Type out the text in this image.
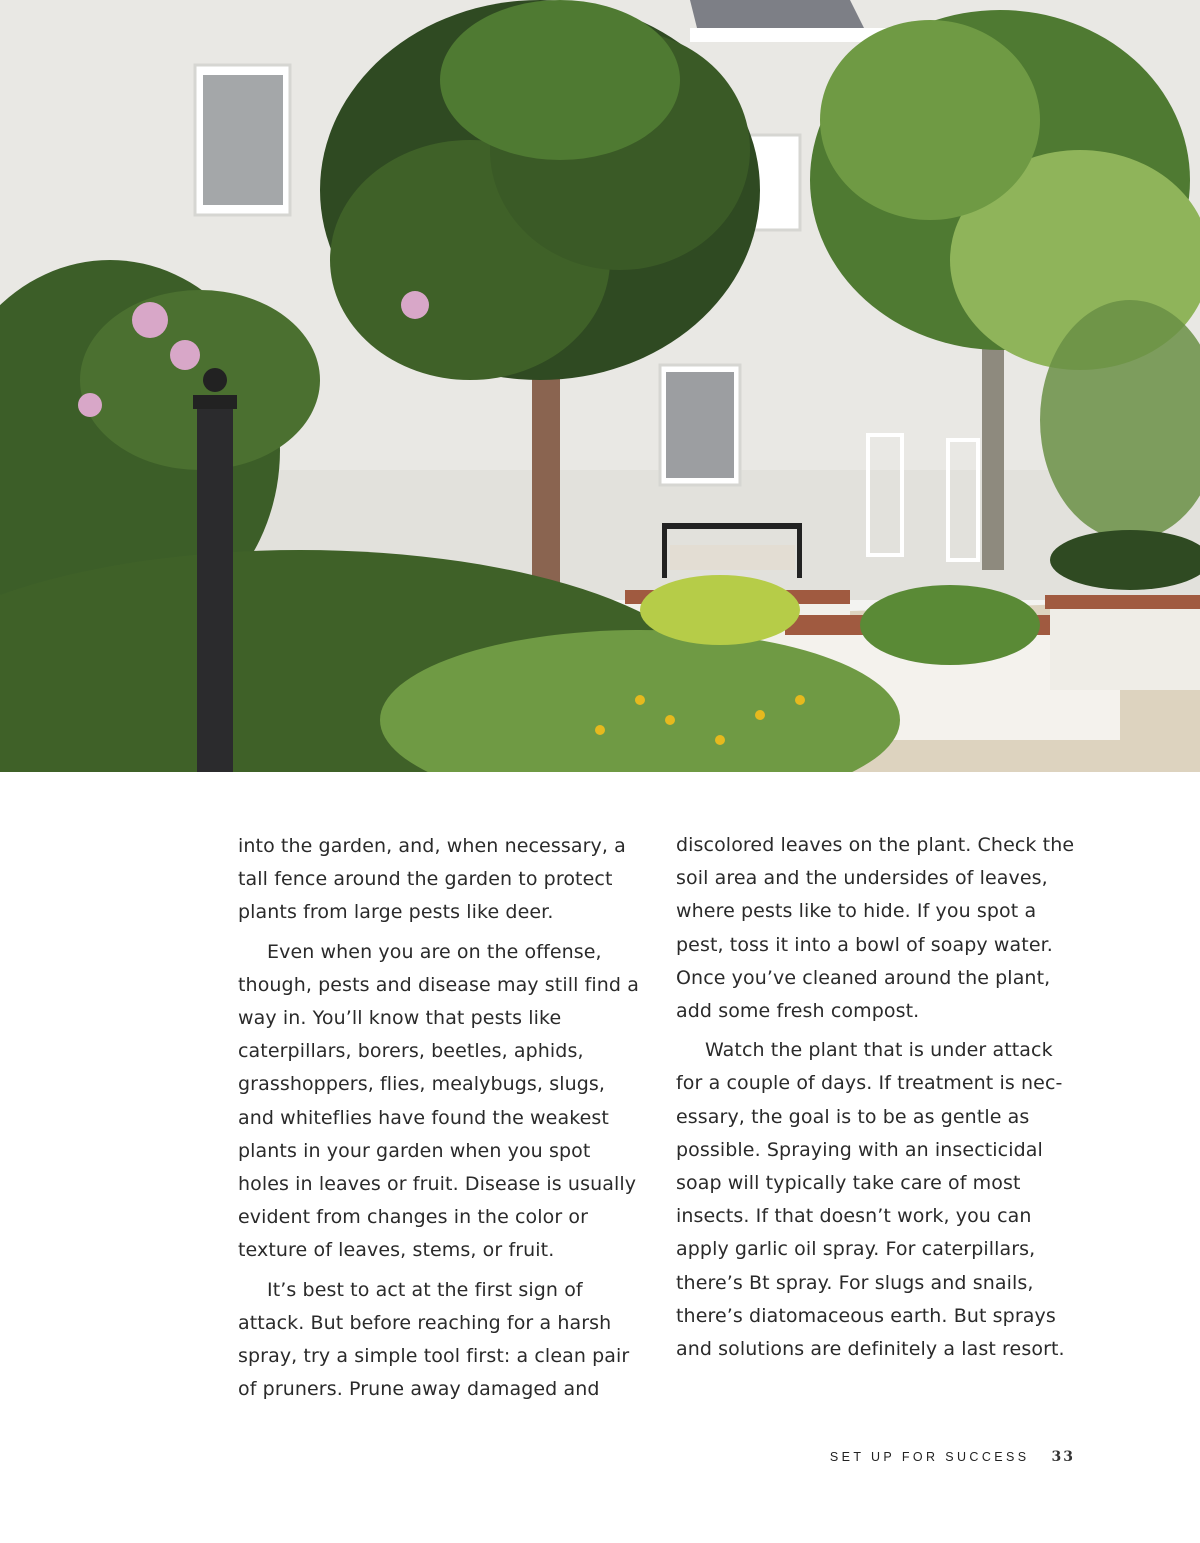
into the garden, and, when necessary, a tall fence around the garden to protect plants from large pests like deer.

Even when you are on the offense, though, pests and disease may still find a way in. You’ll know that pests like caterpillars, borers, beetles, aphids, grasshoppers, flies, mealybugs, slugs, and whiteflies have found the weakest plants in your garden when you spot holes in leaves or fruit. Disease is usually evident from changes in the color or texture of leaves, stems, or fruit.

It’s best to act at the first sign of attack. But before reaching for a harsh spray, try a simple tool first: a clean pair of pruners. Prune away damaged and

discolored leaves on the plant. Check the soil area and the undersides of leaves, where pests like to hide. If you spot a pest, toss it into a bowl of soapy water. Once you’ve cleaned around the plant, add some fresh compost.

Watch the plant that is under attack for a couple of days. If treatment is necessary, the goal is to be as gentle as possible. Spraying with an insecticidal soap will typically take care of most insects. If that doesn’t work, you can apply garlic oil spray. For caterpillars, there’s Bt spray. For slugs and snails, there’s diatomaceous earth. But sprays and solutions are definitely a last resort.

SET UP FOR SUCCESS 33
